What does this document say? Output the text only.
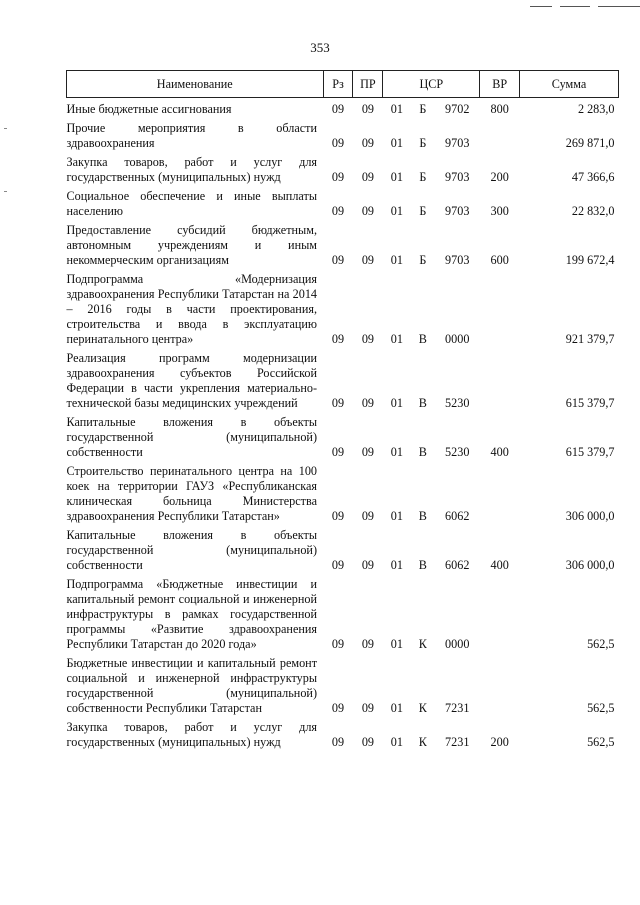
353
Наименование	Рз	ПР	ЦСР			ВР	Сумма
Иные бюджетные ассигнования	09	09	01	Б	9702	800	2 283,0
Прочие мероприятия в области здравоохранения	09	09	01	Б	9703		269 871,0
Закупка товаров, работ и услуг для государственных (муниципальных) нужд	09	09	01	Б	9703	200	47 366,6
Социальное обеспечение и иные выплаты населению	09	09	01	Б	9703	300	22 832,0
Предоставление субсидий бюджетным, автономным учреждениям и иным некоммерческим организациям	09	09	01	Б	9703	600	199 672,4
Подпрограмма «Модернизация здравоохранения Республики Татарстан на 2014 – 2016 годы в части проектирования, строительства и ввода в эксплуатацию перинатального центра»	09	09	01	В	0000		921 379,7
Реализация программ модернизации здравоохранения субъектов Российской Федерации в части укрепления материально-технической базы медицинских учреждений	09	09	01	В	5230		615 379,7
Капитальные вложения в объекты государственной (муниципальной) собственности	09	09	01	В	5230	400	615 379,7
Строительство перинатального центра на 100 коек на территории ГАУЗ «Республиканская клиническая больница Министерства здравоохранения Республики Татарстан»	09	09	01	В	6062		306 000,0
Капитальные вложения в объекты государственной (муниципальной) собственности	09	09	01	В	6062	400	306 000,0
Подпрограмма «Бюджетные инвестиции и капитальный ремонт социальной и инженерной инфраструктуры в рамках государственной программы «Развитие здравоохранения Республики Татарстан до 2020 года»	09	09	01	К	0000		562,5
Бюджетные инвестиции и капитальный ремонт социальной и инженерной инфраструктуры государственной (муниципальной) собственности Республики Татарстан	09	09	01	К	7231		562,5
Закупка товаров, работ и услуг для государственных (муниципальных) нужд	09	09	01	К	7231	200	562,5
